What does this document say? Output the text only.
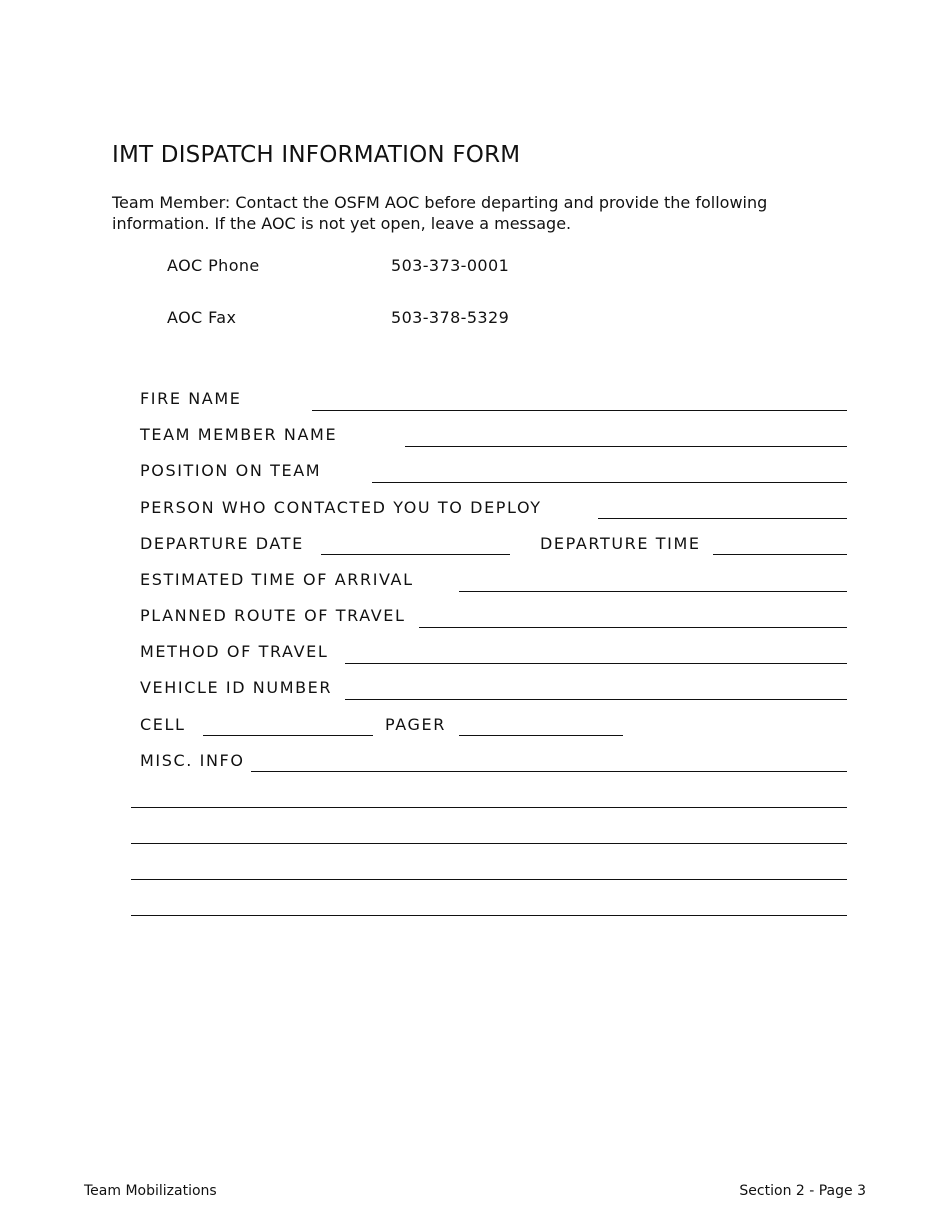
IMT DISPATCH INFORMATION FORM

Team Member: Contact the OSFM AOC before departing and provide the following information. If the AOC is not yet open, leave a message.

AOC Phone	503-373-0001
AOC Fax	503-378-5329
FIRE NAME
TEAM MEMBER NAME
POSITION ON TEAM
PERSON WHO CONTACTED YOU TO DEPLOY
DEPARTURE DATE	DEPARTURE TIME
ESTIMATED TIME OF ARRIVAL
PLANNED ROUTE OF TRAVEL
METHOD OF TRAVEL
VEHICLE ID NUMBER
CELL	PAGER
MISC. INFO
Team Mobilizations	Section 2 - Page 3
